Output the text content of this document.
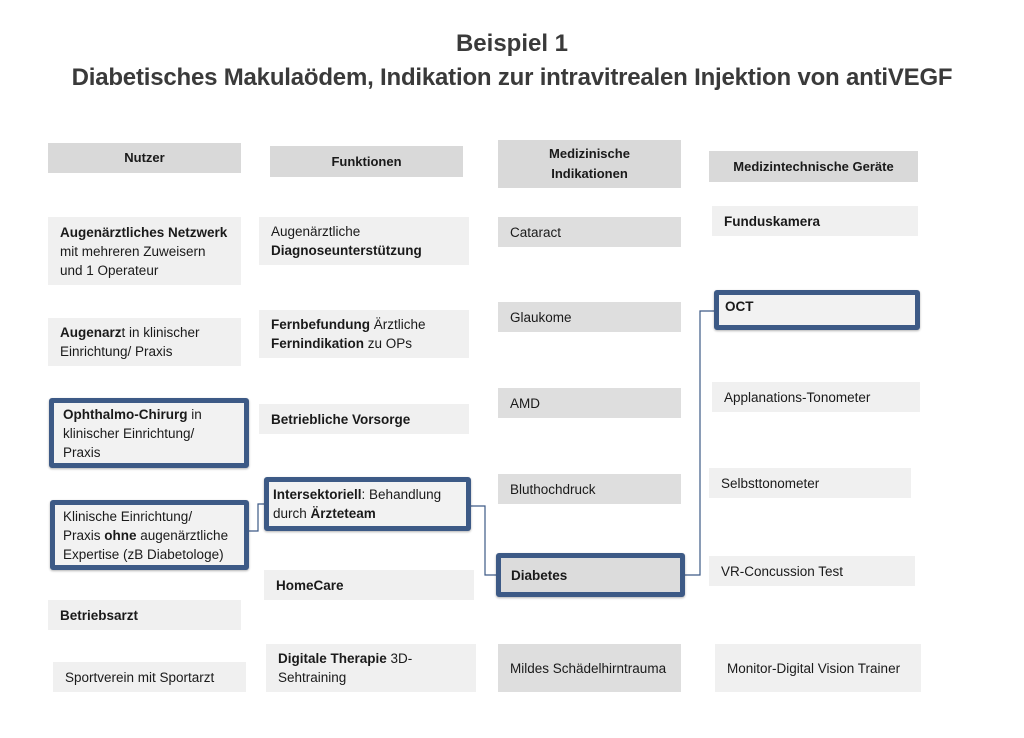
Beispiel 1
Diabetisches Makulaödem, Indikation zur intravitrealen Injektion von antiVEGF
Nutzer	Funktionen	Medizinische Indikationen	Medizintechnische Geräte
Augenärztliches Netzwerk mit mehreren Zuweisern und 1 Operateur
Augenarzt in klinischer Einrichtung/ Praxis
Ophthalmo-Chirurg in klinischer Einrichtung/ Praxis
Klinische Einrichtung/ Praxis ohne augenärztliche Expertise (zB Diabetologe)
Betriebsarzt
Sportverein mit Sportarzt
Augenärztliche Diagnoseunterstützung
Fernbefundung Ärztliche Fernindikation zu OPs
Betriebliche Vorsorge
Intersektoriell: Behandlung durch Ärzteteam
HomeCare
Digitale Therapie 3D-Sehtraining
Cataract
Glaukome
AMD
Bluthochdruck
Diabetes
Mildes Schädelhirntrauma
Funduskamera
OCT
Applanations-Tonometer
Selbsttonometer
VR-Concussion Test
Monitor-Digital Vision Trainer
